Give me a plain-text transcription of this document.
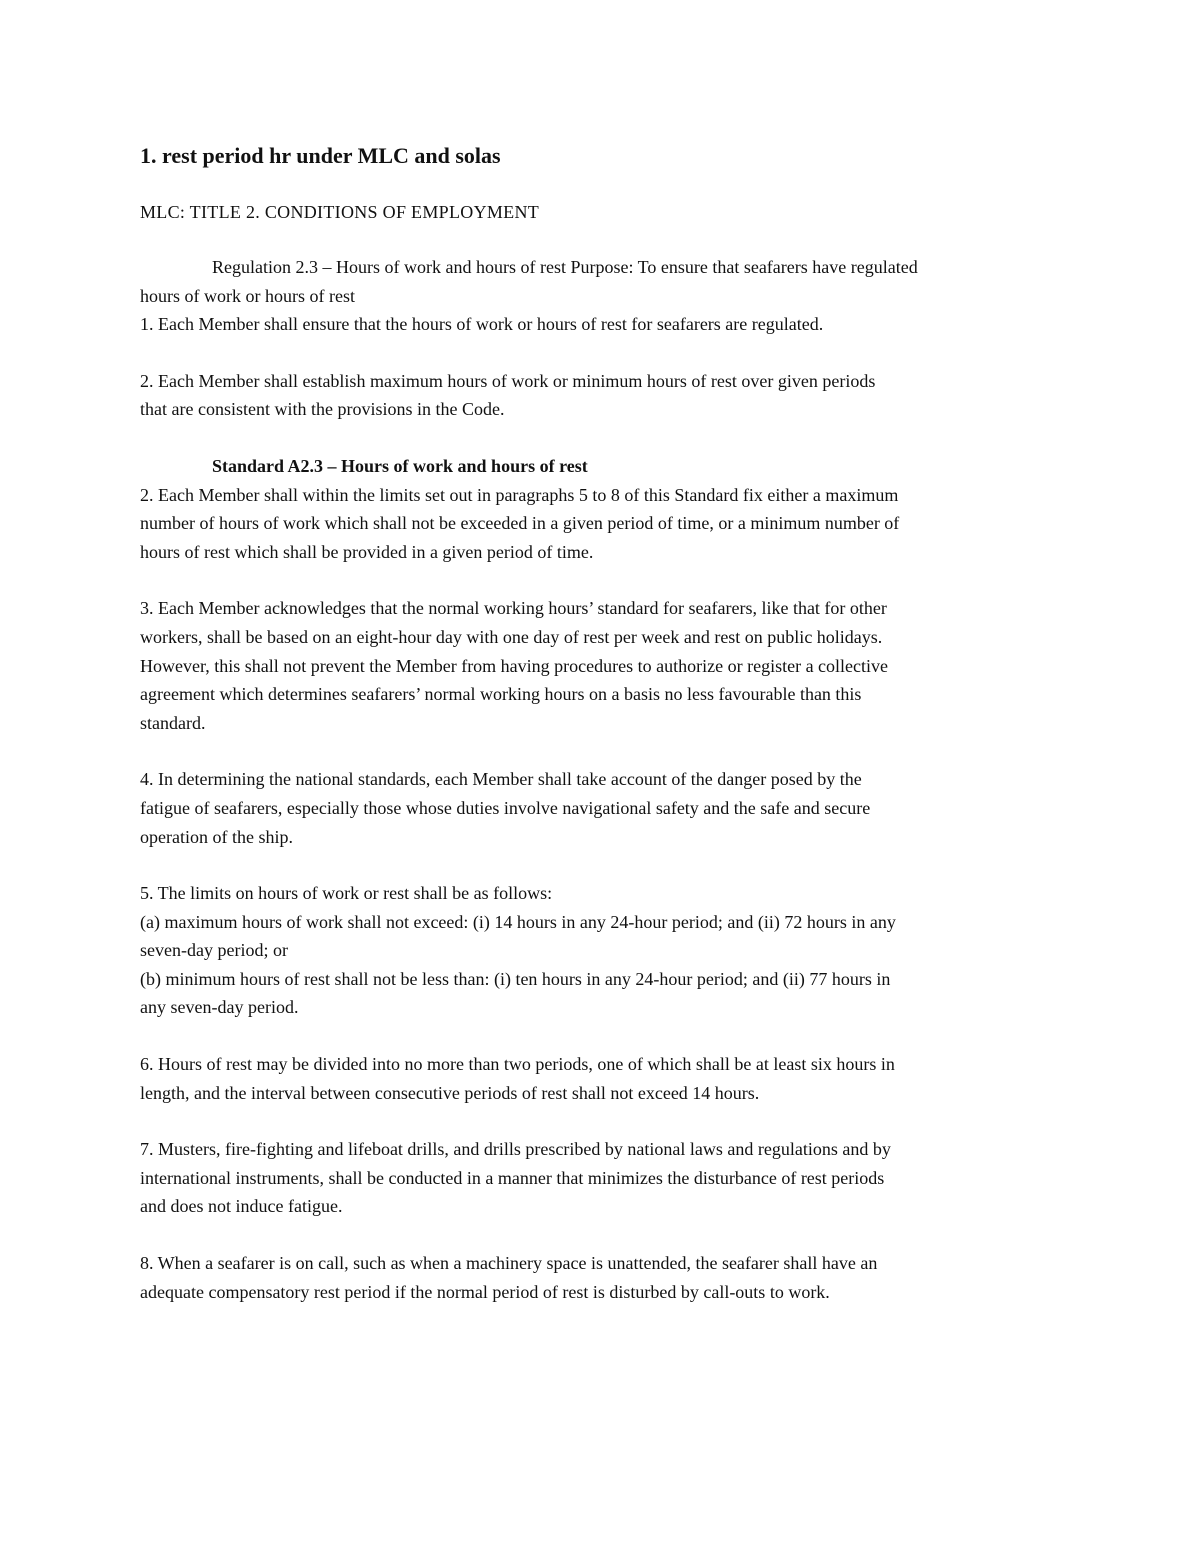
1. rest period hr under MLC and solas
MLC: TITLE 2. CONDITIONS OF EMPLOYMENT
Regulation 2.3 – Hours of work and hours of rest Purpose: To ensure that seafarers have regulated
hours of work or hours of rest
1. Each Member shall ensure that the hours of work or hours of rest for seafarers are regulated.
2. Each Member shall establish maximum hours of work or minimum hours of rest over given periods
that are consistent with the provisions in the Code.
Standard A2.3 – Hours of work and hours of rest
2. Each Member shall within the limits set out in paragraphs 5 to 8 of this Standard fix either a maximum
number of hours of work which shall not be exceeded in a given period of time, or a minimum number of
hours of rest which shall be provided in a given period of time.
3. Each Member acknowledges that the normal working hours’ standard for seafarers, like that for other
workers, shall be based on an eight-hour day with one day of rest per week and rest on public holidays.
However, this shall not prevent the Member from having procedures to authorize or register a collective
agreement which determines seafarers’ normal working hours on a basis no less favourable than this
standard.
4. In determining the national standards, each Member shall take account of the danger posed by the
fatigue of seafarers, especially those whose duties involve navigational safety and the safe and secure
operation of the ship.
5. The limits on hours of work or rest shall be as follows:
(a) maximum hours of work shall not exceed: (i) 14 hours in any 24-hour period; and (ii) 72 hours in any
seven-day period; or
(b) minimum hours of rest shall not be less than: (i) ten hours in any 24-hour period; and (ii) 77 hours in
any seven-day period.
6. Hours of rest may be divided into no more than two periods, one of which shall be at least six hours in
length, and the interval between consecutive periods of rest shall not exceed 14 hours.
7. Musters, fire-fighting and lifeboat drills, and drills prescribed by national laws and regulations and by
international instruments, shall be conducted in a manner that minimizes the disturbance of rest periods
and does not induce fatigue.
8. When a seafarer is on call, such as when a machinery space is unattended, the seafarer shall have an
adequate compensatory rest period if the normal period of rest is disturbed by call-outs to work.
